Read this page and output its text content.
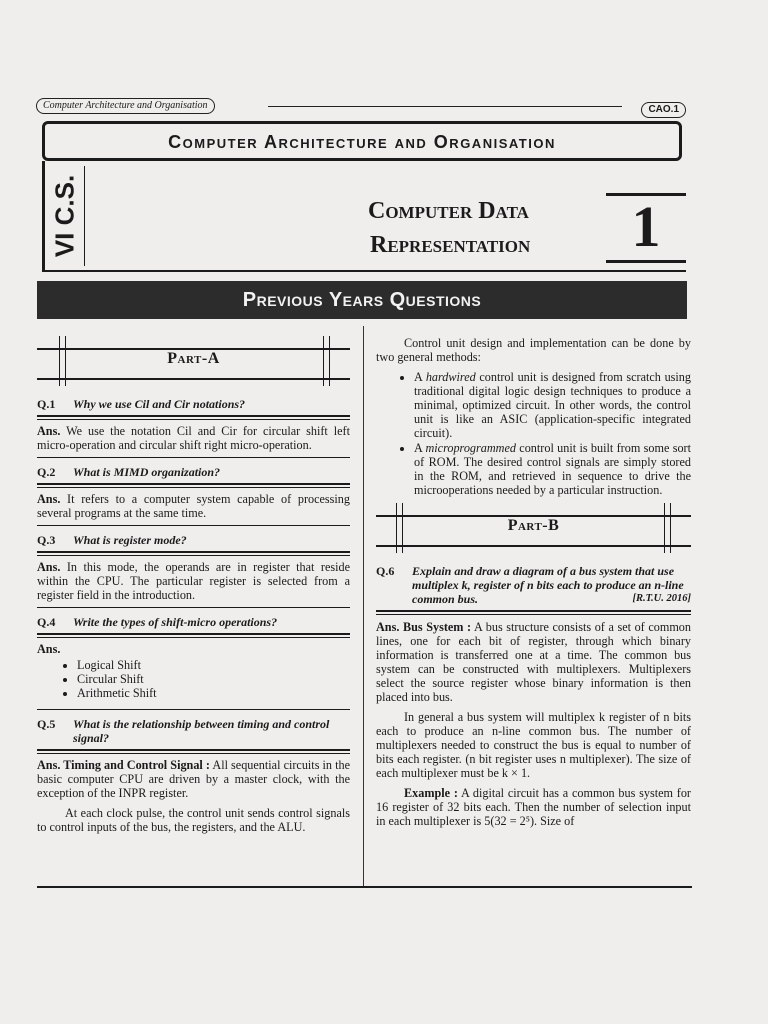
Computer Architecture and Organisation	CAO.1
Computer Architecture and Organisation
VI C.S.	Computer Data
Representation	1
Previous Years Questions
Part-A
Q.1 Why we use Cil and Cir notations?
Ans. We use the notation Cil and Cir for circular shift left micro-operation and circular shift right micro-operation.
Q.2 What is MIMD organization?
Ans. It refers to a computer system capable of processing several programs at the same time.
Q.3 What is register mode?
Ans. In this mode, the operands are in register that reside within the CPU. The particular register is selected from a register field in the introduction.
Q.4 Write the types of shift-micro operations?
Ans.
• Logical Shift
• Circular Shift
• Arithmetic Shift
Q.5 What is the relationship between timing and control signal?
Ans. Timing and Control Signal : All sequential circuits in the basic computer CPU are driven by a master clock, with the exception of the INPR register.
At each clock pulse, the control unit sends control signals to control inputs of the bus, the registers, and the ALU.
Control unit design and implementation can be done by two general methods:
• A hardwired control unit is designed from scratch using traditional digital logic design techniques to produce a minimal, optimized circuit. In other words, the control unit is like an ASIC (application-specific integrated circuit).
• A microprogrammed control unit is built from some sort of ROM. The desired control signals are simply stored in the ROM, and retrieved in sequence to drive the microoperations needed by a particular instruction.
Part-B
Q.6 Explain and draw a diagram of a bus system that use multiplex k, register of n bits each to produce an n-line common bus.	[R.T.U. 2016]
Ans. Bus System : A bus structure consists of a set of common lines, one for each bit of register, through which binary information is transferred one at a time. The common bus system can be constructed with multiplexers. Multiplexers select the source register whose binary information is then placed into bus.
In general a bus system will multiplex k register of n bits each to produce an n-line common bus. The number of multiplexers needed to construct the bus is equal to number of bits each register. (n bit register uses n multiplexer). The size of each multiplexer must be k × 1.
Example : A digital circuit has a common bus system for 16 register of 32 bits each. Then the number of selection input in each multiplexer is 5(32 = 2⁵). Size of
